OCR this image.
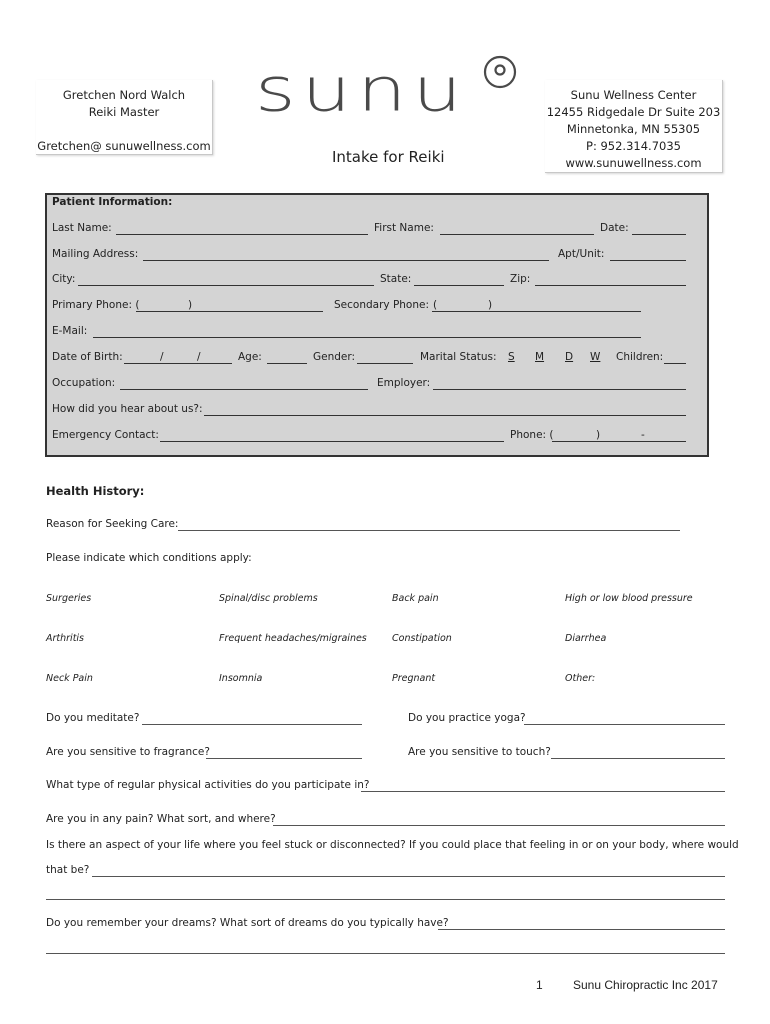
Gretchen Nord Walch
Reiki Master
Gretchen@ sunuwellness.com
sunu
Intake for Reiki
Sunu Wellness Center
12455 Ridgedale Dr Suite 203
Minnetonka, MN 55305
P: 952.314.7035
www.sunuwellness.com
Patient Information:
Last Name:	First Name:	Date:
Mailing Address:	Apt/Unit:
City:	State:	Zip:
Primary Phone: (	)	Secondary Phone: (	)
E-Mail:
Date of Birth:	/	/	Age:	Gender:	Marital Status: S M D W Children:
Occupation:	Employer:
How did you hear about us?:
Emergency Contact:	Phone: (	)	-
Health History:
Reason for Seeking Care:
Please indicate which conditions apply:
Surgeries	Spinal/disc problems	Back pain	High or low blood pressure
Arthritis	Frequent headaches/migraines	Constipation	Diarrhea
Neck Pain	Insomnia	Pregnant	Other:
Do you meditate?	Do you practice yoga?
Are you sensitive to fragrance?	Are you sensitive to touch?
What type of regular physical activities do you participate in?
Are you in any pain? What sort, and where?
Is there an aspect of your life where you feel stuck or disconnected? If you could place that feeling in or on your body, where would
that be?
Do you remember your dreams? What sort of dreams do you typically have?
1	Sunu Chiropractic Inc 2017
